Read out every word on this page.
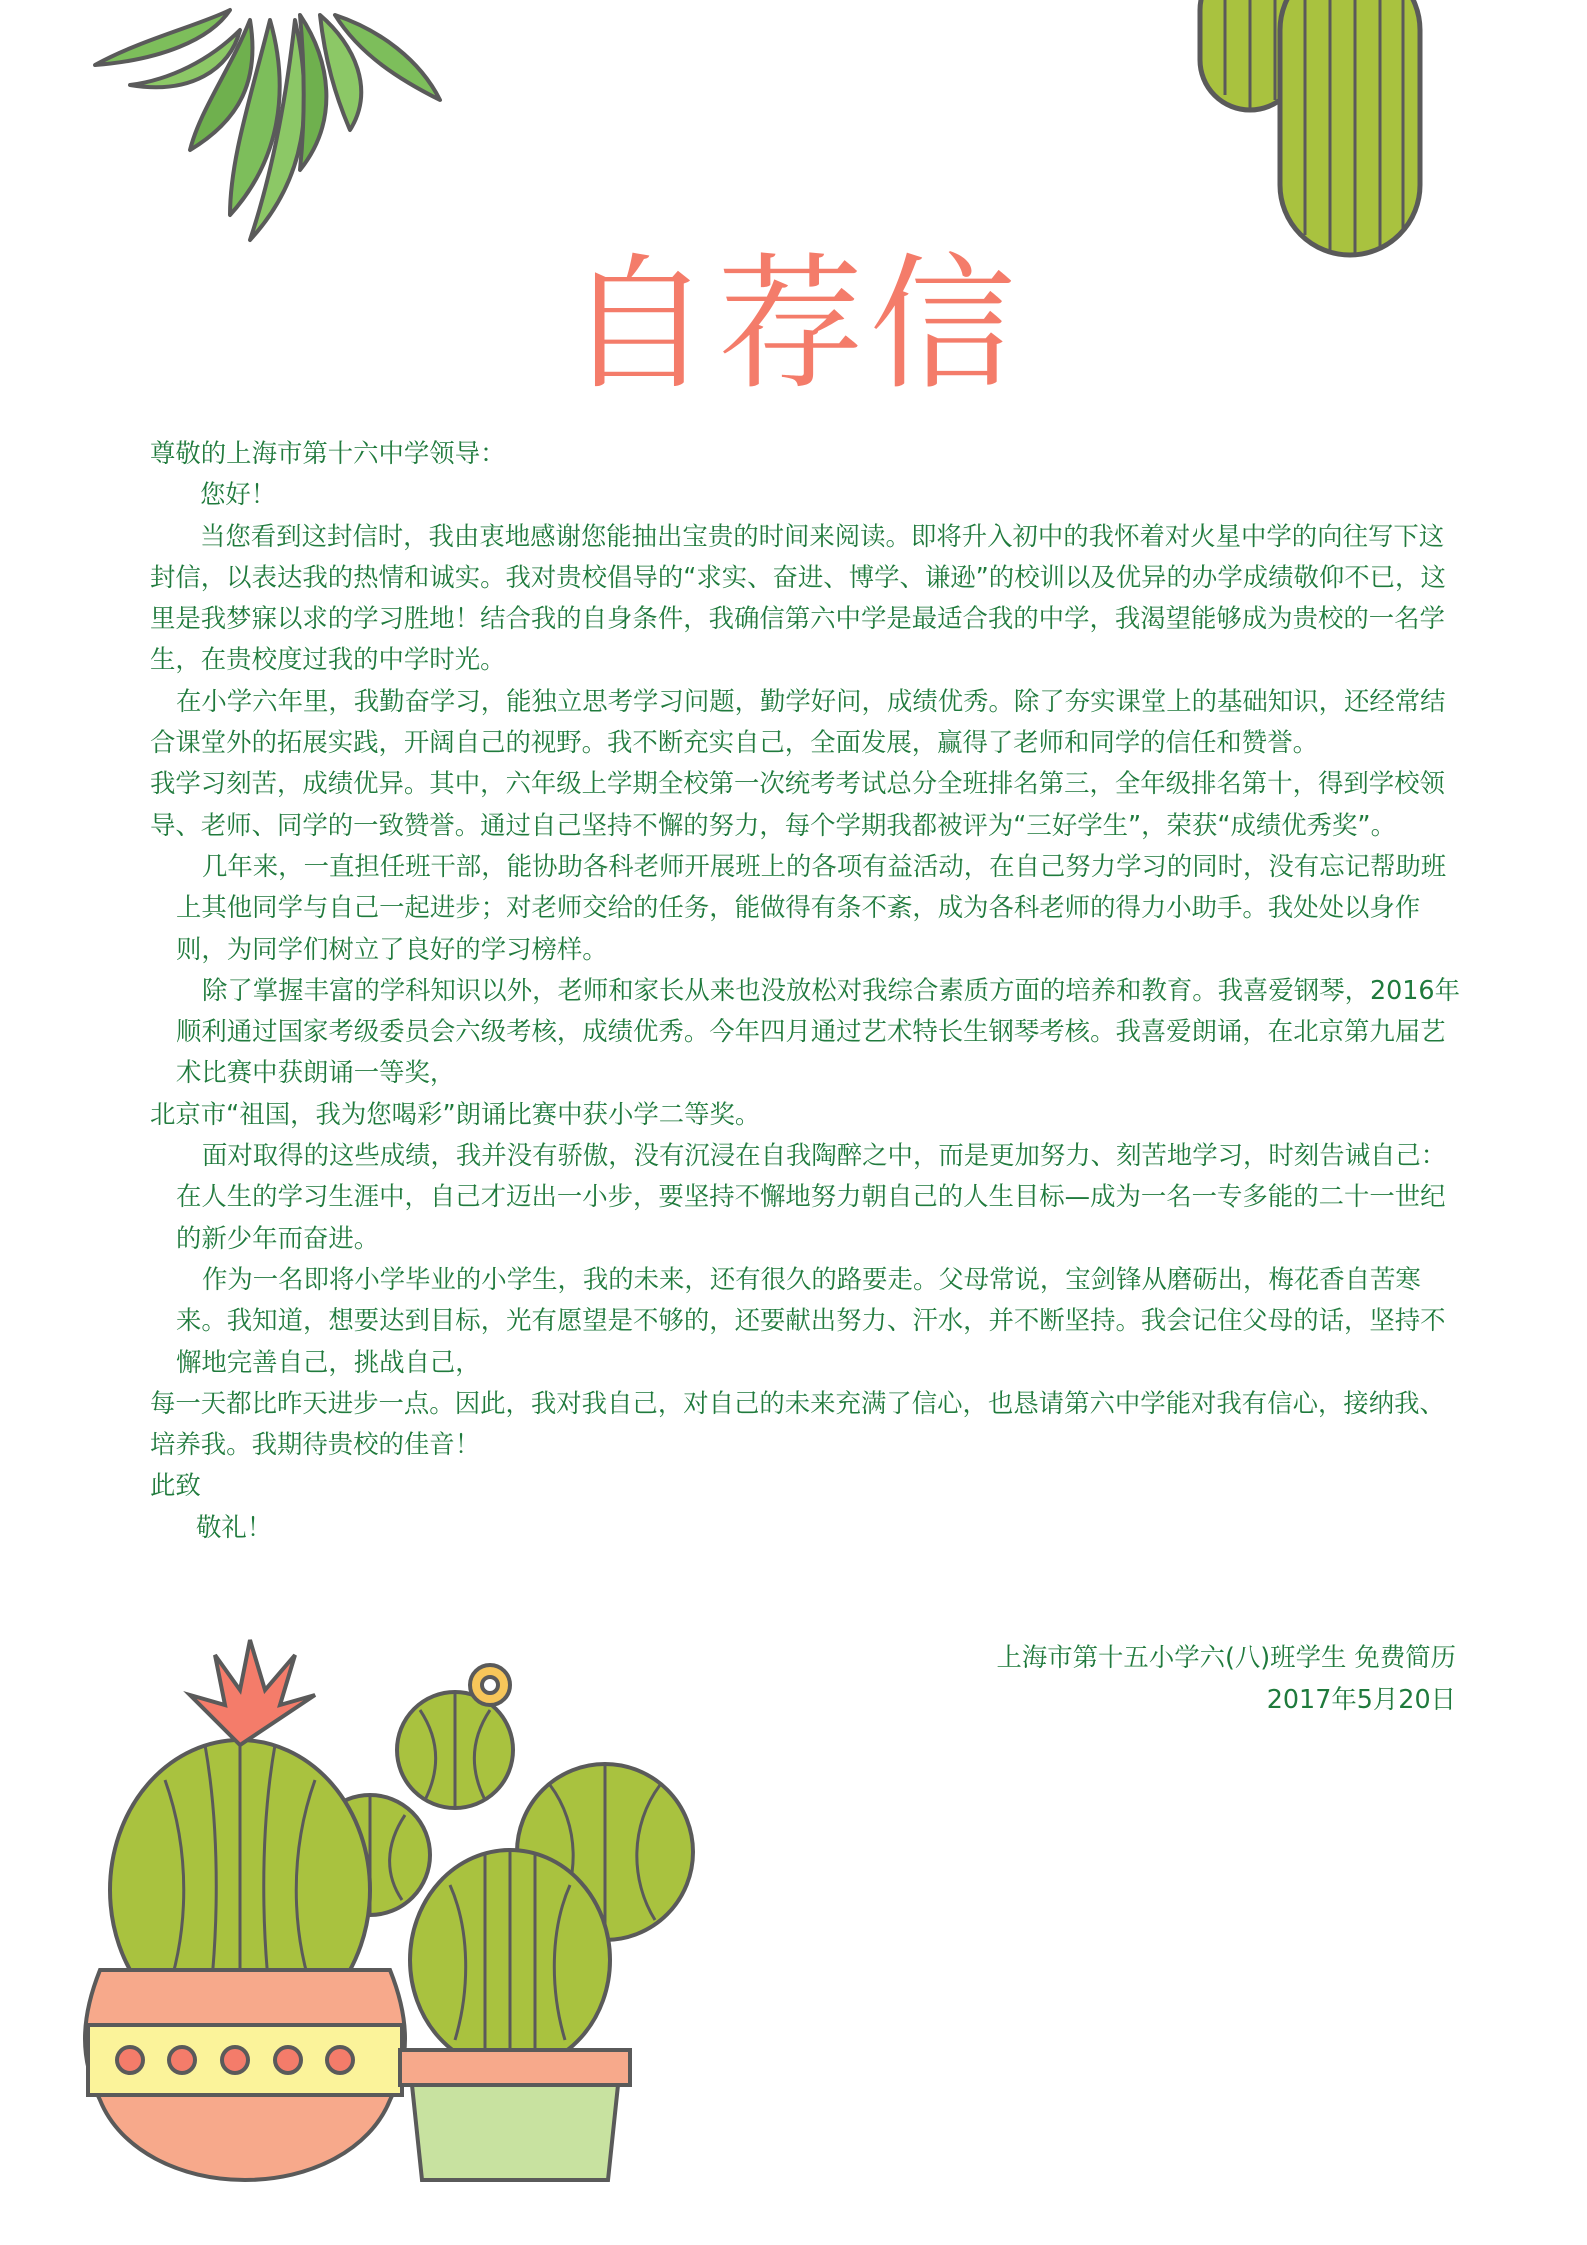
自荐信

尊敬的上海市第十六中学领导：

您好！

当您看到这封信时，我由衷地感谢您能抽出宝贵的时间来阅读。即将升入初中的我怀着对火星中学的向往写下这封信，以表达我的热情和诚实。我对贵校倡导的“求实、奋进、博学、谦逊”的校训以及优异的办学成绩敬仰不已，这里是我梦寐以求的学习胜地！结合我的自身条件，我确信第六中学是最适合我的中学，我渴望能够成为贵校的一名学生，在贵校度过我的中学时光。

在小学六年里，我勤奋学习，能独立思考学习问题，勤学好问，成绩优秀。除了夯实课堂上的基础知识，还经常结合课堂外的拓展实践，开阔自己的视野。我不断充实自己，全面发展，赢得了老师和同学的信任和赞誉。

我学习刻苦，成绩优异。其中，六年级上学期全校第一次统考考试总分全班排名第三，全年级排名第十，得到学校领导、老师、同学的一致赞誉。通过自己坚持不懈的努力，每个学期我都被评为“三好学生”，荣获“成绩优秀奖”。

几年来，一直担任班干部，能协助各科老师开展班上的各项有益活动，在自己努力学习的同时，没有忘记帮助班上其他同学与自己一起进步；对老师交给的任务，能做得有条不紊，成为各科老师的得力小助手。我处处以身作则，为同学们树立了良好的学习榜样。

除了掌握丰富的学科知识以外，老师和家长从来也没放松对我综合素质方面的培养和教育。我喜爱钢琴，2016年顺利通过国家考级委员会六级考核，成绩优秀。今年四月通过艺术特长生钢琴考核。我喜爱朗诵，在北京第九届艺术比赛中获朗诵一等奖，

北京市“祖国，我为您喝彩”朗诵比赛中获小学二等奖。

面对取得的这些成绩，我并没有骄傲，没有沉浸在自我陶醉之中，而是更加努力、刻苦地学习，时刻告诫自己：在人生的学习生涯中，自己才迈出一小步，要坚持不懈地努力朝自己的人生目标—成为一名一专多能的二十一世纪的新少年而奋进。

作为一名即将小学毕业的小学生，我的未来，还有很久的路要走。父母常说，宝剑锋从磨砺出，梅花香自苦寒来。我知道，想要达到目标，光有愿望是不够的，还要献出努力、汗水，并不断坚持。我会记住父母的话，坚持不懈地完善自己，挑战自己，

每一天都比昨天进步一点。因此，我对我自己，对自己的未来充满了信心，也恳请第六中学能对我有信心，接纳我、培养我。我期待贵校的佳音！

此致

敬礼！

上海市第十五小学六(八)班学生 免费简历

2017年5月20日
